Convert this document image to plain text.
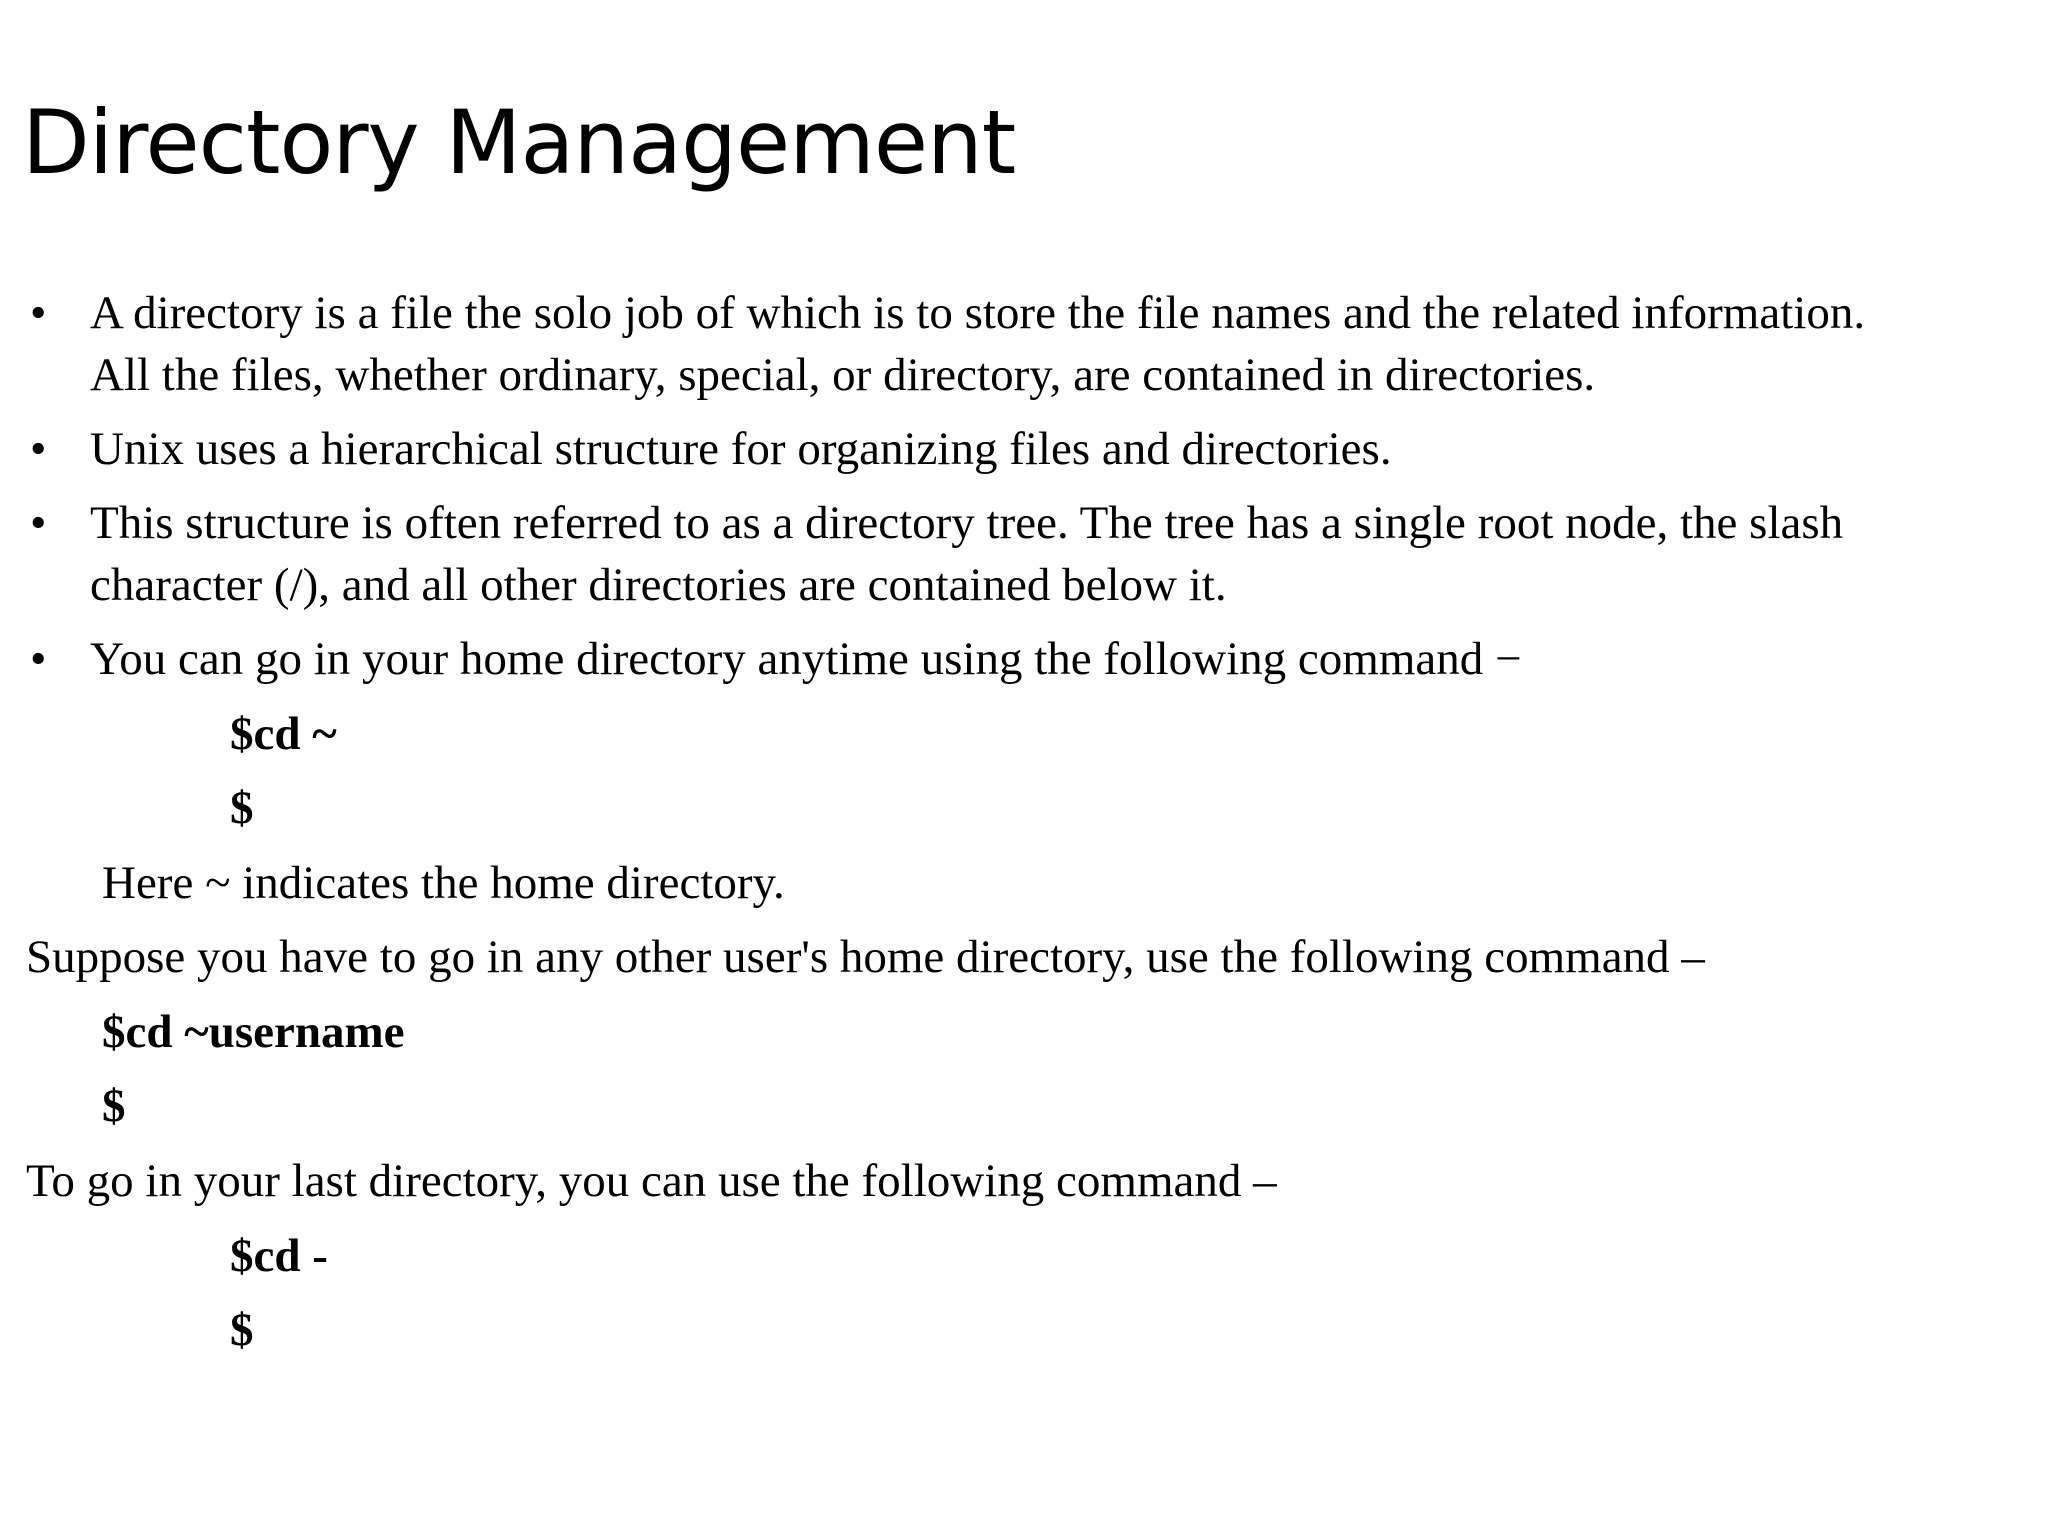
Directory Management
• A directory is a file the solo job of which is to store the file names and the related information.
All the files, whether ordinary, special, or directory, are contained in directories.
• Unix uses a hierarchical structure for organizing files and directories.
• This structure is often referred to as a directory tree. The tree has a single root node, the slash
character (/), and all other directories are contained below it.
• You can go in your home directory anytime using the following command −
$cd ~
$
Here ~ indicates the home directory.
Suppose you have to go in any other user's home directory, use the following command –
$cd ~username
$
To go in your last directory, you can use the following command –
$cd -
$
